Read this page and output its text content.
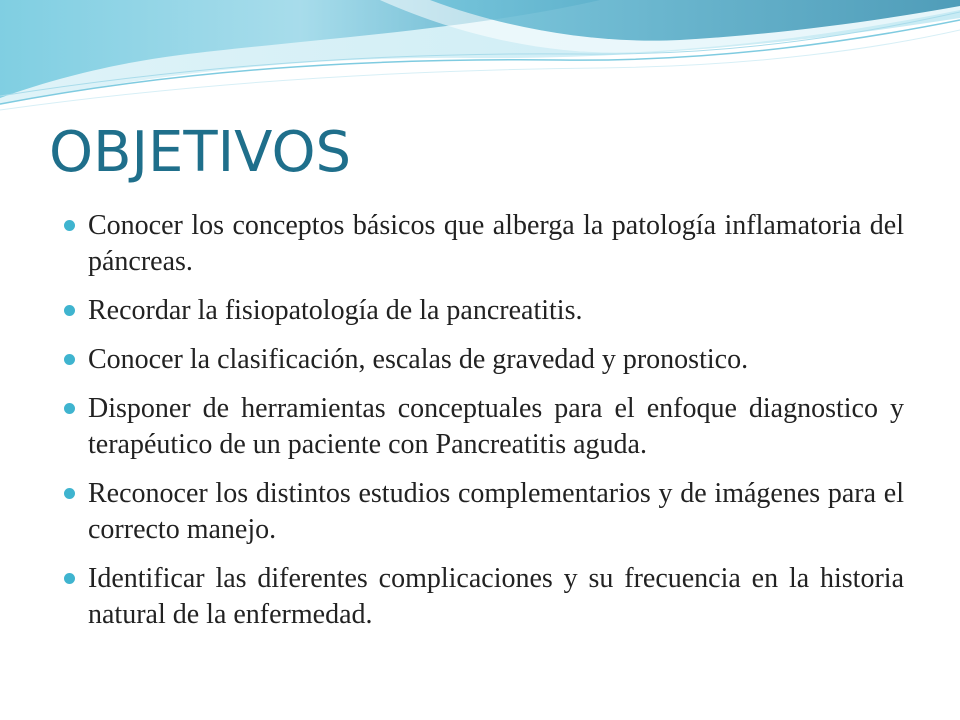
OBJETIVOS
Conocer los conceptos básicos que alberga la patología inflamatoria del páncreas.
Recordar la fisiopatología de la pancreatitis.
Conocer la clasificación, escalas de gravedad y pronostico.
Disponer de herramientas conceptuales para el enfoque diagnostico y terapéutico de un paciente con Pancreatitis aguda.
Reconocer los distintos estudios complementarios y de imágenes para el correcto manejo.
Identificar las diferentes complicaciones y su frecuencia en la historia natural de la enfermedad.
